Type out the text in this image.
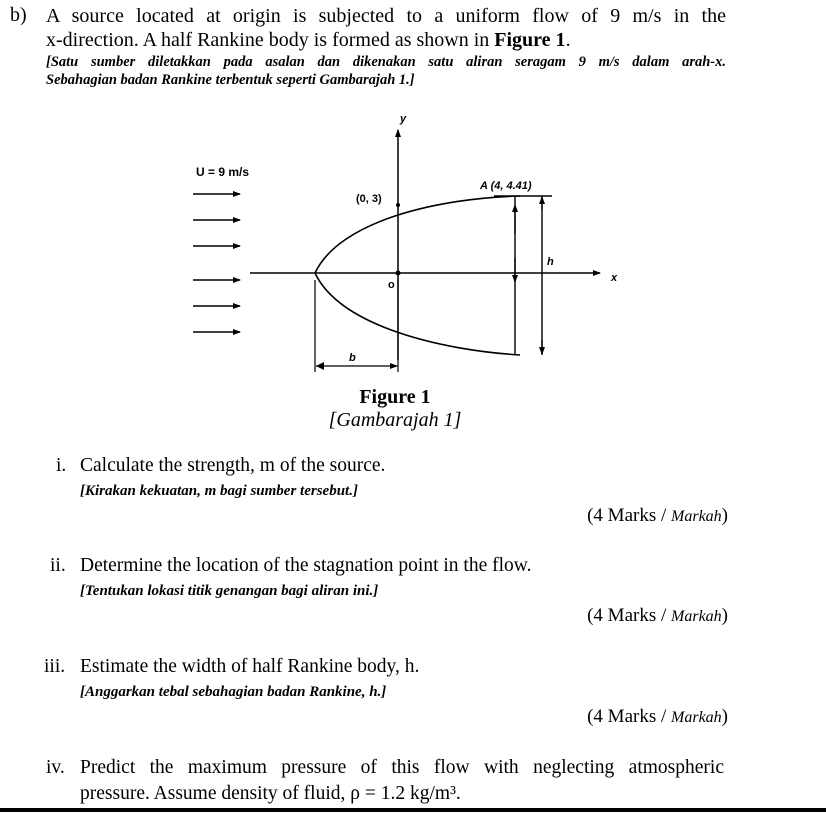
b) A source located at origin is subjected to a uniform flow of 9 m/s in the
x-direction. A half Rankine body is formed as shown in Figure 1.
[Satu sumber diletakkan pada asalan dan dikenakan satu aliran seragam 9 m/s dalam arah-x.
Sebahagian badan Rankine terbentuk seperti Gambarajah 1.]
U = 9 m/s
y
x
o
(0, 3)
A (4, 4.41)
h
b
Figure 1
[Gambarajah 1]
i. Calculate the strength, m of the source.
[Kirakan kekuatan, m bagi sumber tersebut.]
(4 Marks / Markah)
ii. Determine the location of the stagnation point in the flow.
[Tentukan lokasi titik genangan bagi aliran ini.]
(4 Marks / Markah)
iii. Estimate the width of half Rankine body, h.
[Anggarkan tebal sebahagian badan Rankine, h.]
(4 Marks / Markah)
iv. Predict the maximum pressure of this flow with neglecting atmospheric
pressure. Assume density of fluid, ρ = 1.2 kg/m³.
